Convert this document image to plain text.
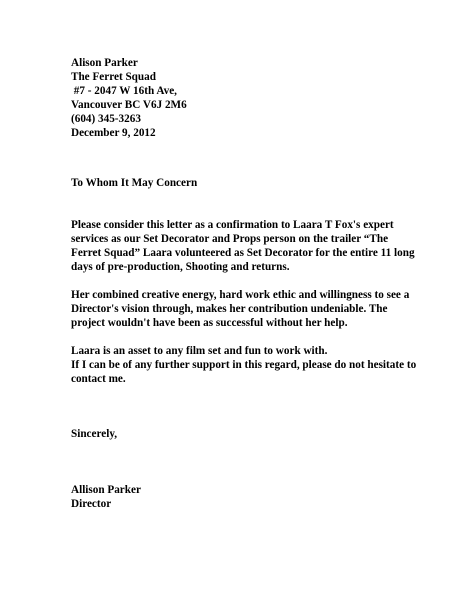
Alison Parker
The Ferret Squad
#7 - 2047 W 16th Ave,
Vancouver BC V6J 2M6
(604) 345-3263
December 9, 2012
To Whom It May Concern
Please consider this letter as a confirmation to Laara T Fox's expert services as our Set Decorator and Props person on the trailer “The Ferret Squad” Laara volunteered as Set Decorator for the entire 11 long days of pre-production, Shooting and returns.
Her combined creative energy, hard work ethic and willingness to see a Director's vision through, makes her contribution undeniable. The project wouldn't have been as successful without her help.
Laara is an asset to any film set and fun to work with.
If I can be of any further support in this regard, please do not hesitate to contact me.
Sincerely,
Allison Parker
Director
